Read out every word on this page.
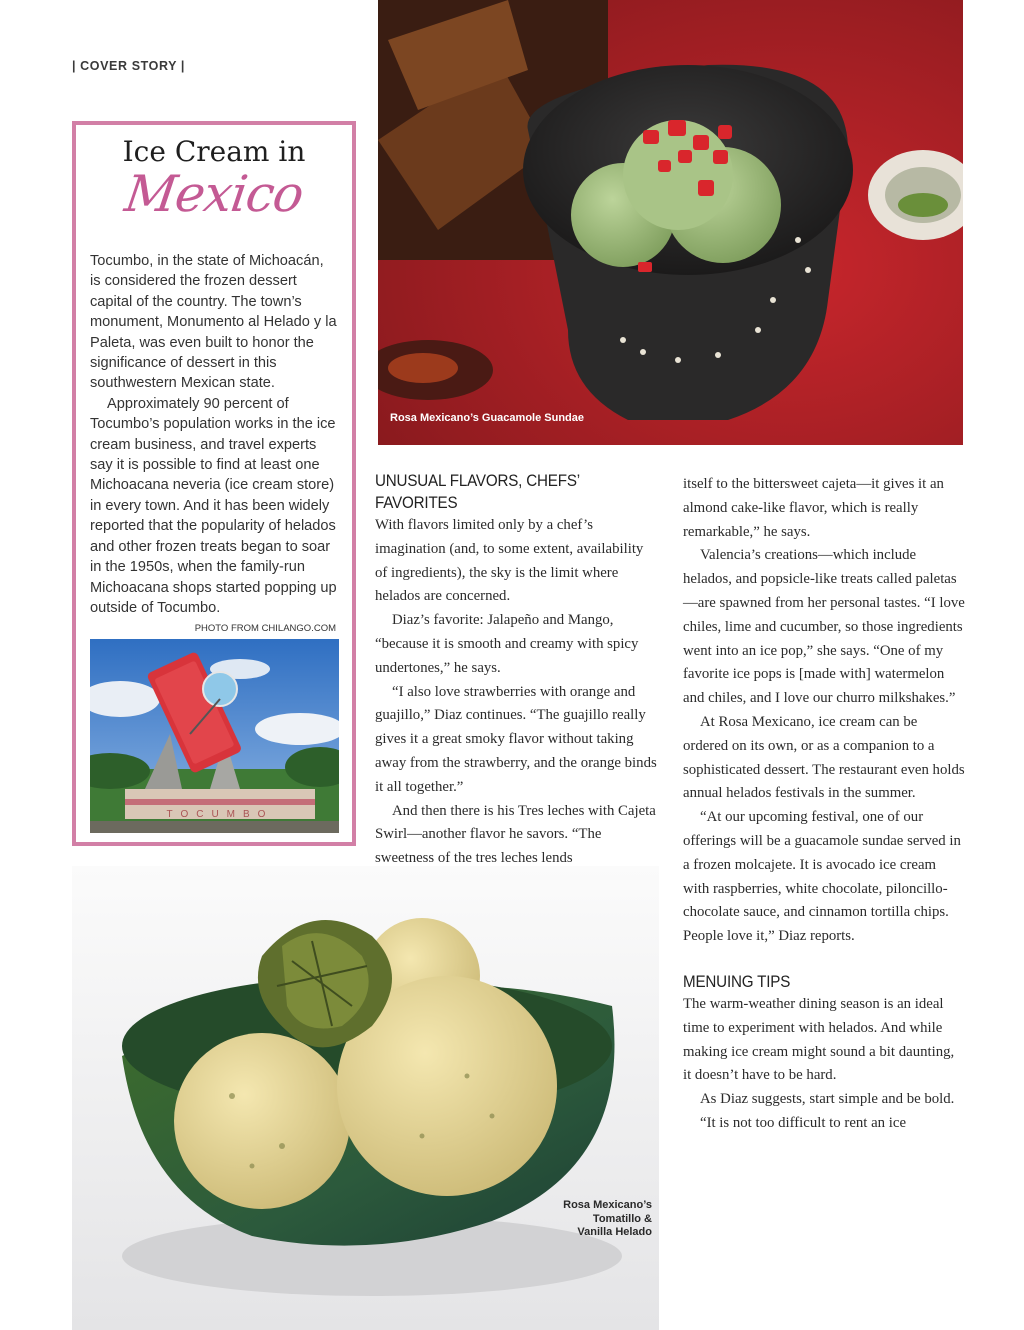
| COVER STORY |
Ice Cream in
Mexico

Tocumbo, in the state of Michoacán, is considered the frozen dessert capital of the country. The town’s monument, Monumento al Helado y la Paleta, was even built to honor the significance of dessert in this southwestern Mexican state.

Approximately 90 percent of Tocumbo’s population works in the ice cream business, and travel experts say it is possible to find at least one Michoacana neveria (ice cream store) in every town. And it has been widely reported that the popularity of helados and other frozen treats began to soar in the 1950s, when the family-run Michoacana shops started popping up outside of Tocumbo.

PHOTO FROM CHILANGO.COM
TOCUMBO
Rosa Mexicano’s Guacamole Sundae
UNUSUAL FLAVORS, CHEFS’ FAVORITES

With flavors limited only by a chef’s imagination (and, to some extent, availability of ingredients), the sky is the limit where helados are concerned.

Diaz’s favorite: Jalapeño and Mango, “because it is smooth and creamy with spicy undertones,” he says.

“I also love strawberries with orange and guajillo,” Diaz continues. “The guajillo really gives it a great smoky flavor without taking away from the strawberry, and the orange binds it all together.”

And then there is his Tres leches with Cajeta Swirl—another flavor he savors. “The sweetness of the tres leches lends

itself to the bittersweet cajeta—it gives it an almond cake-like flavor, which is really remarkable,” he says.

Valencia’s creations—which include helados, and popsicle-like treats called paletas—are spawned from her personal tastes. “I love chiles, lime and cucumber, so those ingredients went into an ice pop,” she says. “One of my favorite ice pops is [made with] watermelon and chiles, and I love our churro milkshakes.”

At Rosa Mexicano, ice cream can be ordered on its own, or as a companion to a sophisticated dessert. The restaurant even holds annual helados festivals in the summer.

“At our upcoming festival, one of our offerings will be a guacamole sundae served in a frozen molcajete. It is avocado ice cream with raspberries, white chocolate, piloncillo-chocolate sauce, and cinnamon tortilla chips. People love it,” Diaz reports.

MENUING TIPS

The warm-weather dining season is an ideal time to experiment with helados. And while making ice cream might sound a bit daunting, it doesn’t have to be hard.

As Diaz suggests, start simple and be bold.

“It is not too difficult to rent an ice

Rosa Mexicano’s
Tomatillo &
Vanilla Helado
